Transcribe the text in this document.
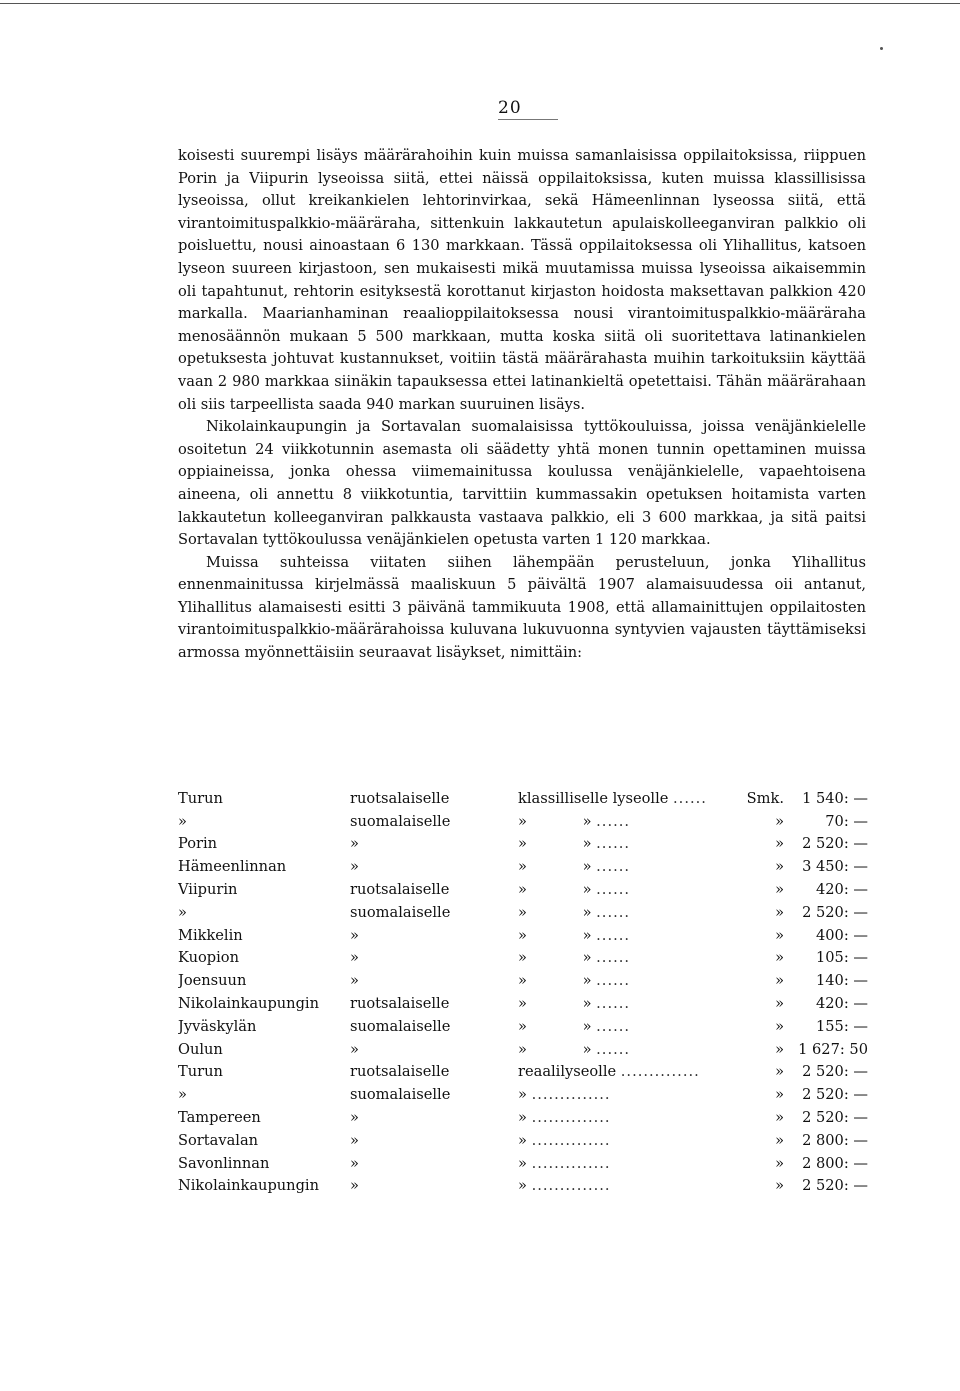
20

koisesti suurempi lisäys määrärahoihin kuin muissa samanlaisissa oppilaitoksissa, riippuen Porin ja Viipurin lyseoissa siitä, ettei näissä oppilaitoksissa, kuten muissa klassillisissa lyseoissa, ollut kreikankielen lehtorinvirkaa, sekä Hämeenlinnan lyseossa siitä, että virantoimituspalkkio-määräraha, sittenkuin lakkautetun apulaiskolleeganviran palkkio oli poisluettu, nousi ainoastaan 6 130 markkaan. Tässä oppilaitoksessa oli Ylihallitus, katsoen lyseon suureen kirjastoon, sen mukaisesti mikä muutamissa muissa lyseoissa aikaisemmin oli tapahtunut, rehtorin esityksestä korottanut kirjaston hoidosta maksettavan palkkion 420 markalla. Maarianhaminan reaalioppilaitoksessa nousi virantoimituspalkkio-määräraha menosäännön mukaan 5 500 markkaan, mutta koska siitä oli suoritettava latinankielen opetuksesta johtuvat kustannukset, voitiin tästä määrärahasta muihin tarkoituksiin käyttää vaan 2 980 markkaa siinäkin tapauksessa ettei latinankieltä opetettaisi. Tähän määrärahaan oli siis tarpeellista saada 940 markan suuruinen lisäys.

Nikolainkaupungin ja Sortavalan suomalaisissa tyttökouluissa, joissa venäjänkielelle osoitetun 24 viikkotunnin asemasta oli säädetty yhtä monen tunnin opettaminen muissa oppiaineissa, jonka ohessa viimemainitussa koulussa venäjänkielelle, vapaehtoisena aineena, oli annettu 8 viikkotuntia, tarvittiin kummassakin opetuksen hoitamista varten lakkautetun kolleeganviran palkkausta vastaava palkkio, eli 3 600 markkaa, ja sitä paitsi Sortavalan tyttökoulussa venäjänkielen opetusta varten 1 120 markkaa.

Muissa suhteissa viitaten siihen lähempään perusteluun, jonka Ylihallitus ennenmainitussa kirjelmässä maaliskuun 5 päivältä 1907 alamaisuudessa oii antanut, Ylihallitus alamaisesti esitti 3 päivänä tammikuuta 1908, että allamainittujen oppilaitosten virantoimituspalkkio-määrärahoissa kuluvana lukuvuonna syntyvien vajausten täyttämiseksi armossa myönnettäisiin seuraavat lisäykset, nimittäin:

Turun	ruotsalaiselle	klassilliselle lyseolle ......	Smk.	1 540: —
»	suomalaiselle	»            » ......	»	70: —
Porin	»	»            » ......	»	2 520: —
Hämeenlinnan	»	»            » ......	»	3 450: —
Viipurin	ruotsalaiselle	»            » ......	»	420: —
»	suomalaiselle	»            » ......	»	2 520: —
Mikkelin	»	»            » ......	»	400: —
Kuopion	»	»            » ......	»	105: —
Joensuun	»	»            » ......	»	140: —
Nikolainkaupungin	ruotsalaiselle	»            » ......	»	420: —
Jyväskylän	suomalaiselle	»            » ......	»	155: —
Oulun	»	»            » ......	»	1 627: 50
Turun	ruotsalaiselle	reaalilyseolle ..............	»	2 520: —
»	suomalaiselle	» ..............	»	2 520: —
Tampereen	»	» ..............	»	2 520: —
Sortavalan	»	» ..............	»	2 800: —
Savonlinnan	»	» ..............	»	2 800: —
Nikolainkaupungin	»	» ..............	»	2 520: —
